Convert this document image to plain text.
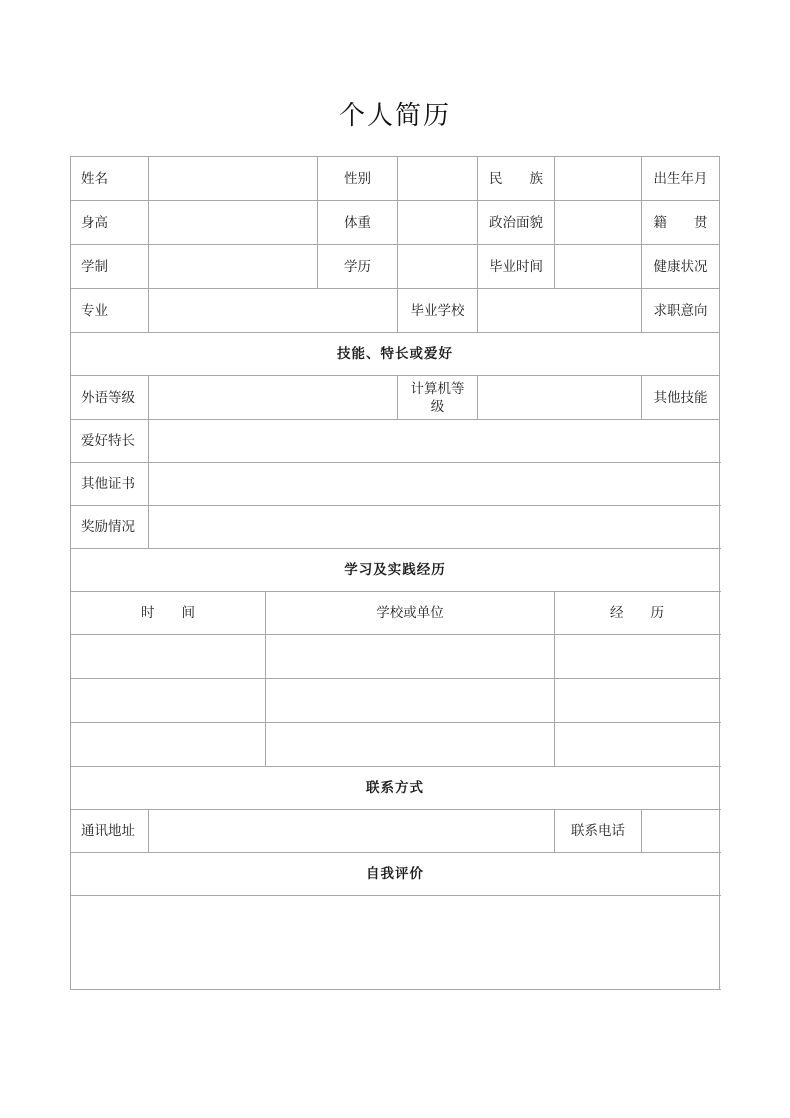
个人简历
姓名			性别		民　　族		出生年月	
身高			体重		政治面貌		籍　　贯	
学制			学历		毕业时间		健康状况	
专业				毕业学校			求职意向	
技能、特长或爱好								
外语等级				计算机等级			其他技能	
爱好特长								
其他证书								
奖励情况								
学习及实践经历								
时　　间		学校或单位				经　　历		

联系方式								
通讯地址						联系电话		
自我评价								
